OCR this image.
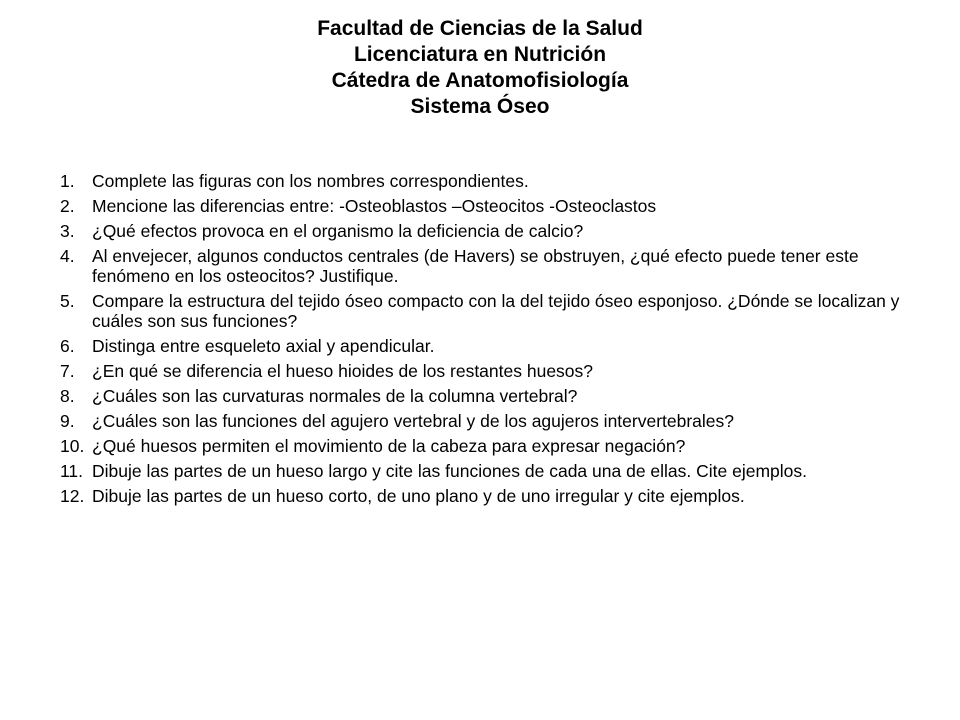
Facultad de Ciencias de la Salud
Licenciatura en Nutrición
Cátedra de Anatomofisiología
Sistema Óseo
1. Complete las figuras con los nombres correspondientes.
2. Mencione las diferencias entre: -Osteoblastos –Osteocitos -Osteoclastos
3. ¿Qué efectos provoca en el organismo la deficiencia de calcio?
4. Al envejecer, algunos conductos centrales (de Havers) se obstruyen, ¿qué efecto puede tener este fenómeno en los osteocitos? Justifique.
5. Compare la estructura del tejido óseo compacto con la del tejido óseo esponjoso. ¿Dónde se localizan y cuáles son sus funciones?
6. Distinga entre esqueleto axial y apendicular.
7. ¿En qué se diferencia el hueso hioides de los restantes huesos?
8. ¿Cuáles son las curvaturas normales de la columna vertebral?
9. ¿Cuáles son las funciones del agujero vertebral y de los agujeros intervertebrales?
10. ¿Qué huesos permiten el movimiento de la cabeza para expresar negación?
11. Dibuje las partes de un hueso largo y cite las funciones de cada una de ellas. Cite ejemplos.
12. Dibuje las partes de un hueso corto, de uno plano y de uno irregular y cite ejemplos.
